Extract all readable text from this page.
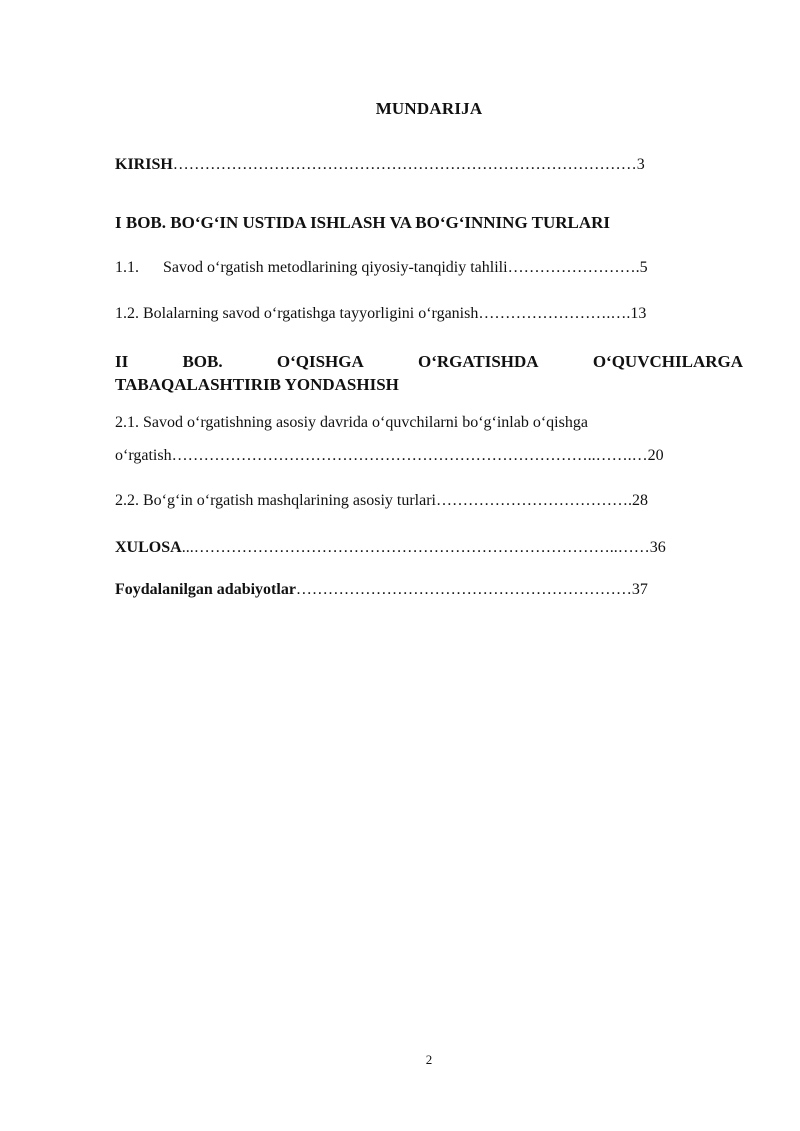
MUNDARIJA
KIRISH……………………………………………………………………………3
I BOB. BO‘G‘IN USTIDA ISHLASH VA BO‘G‘INNING TURLARI
1.1. Savod o‘rgatish metodlarining qiyosiy-tanqidiy tahlili…………………….5
1.2. Bolalarning savod o‘rgatishga tayyorligini o‘rganish…………………….….13
II	BOB.	O‘QISHGA	O‘RGATISHDA	O‘QUVCHILARGA
TABAQALASHTIRIB YONDASHISH
2.1. Savod o‘rgatishning asosiy davrida o‘quvchilarni bo‘g‘inlab o‘qishga
o‘rgatish……………………………………………………………………..…….…20
2.2. Bo‘g‘in o‘rgatish mashqlarining asosiy turlari……………………………….28
XULOSA...……………………………………………………………………..……36
Foydalanilgan adabiyotlar………………………………………………………37
2
